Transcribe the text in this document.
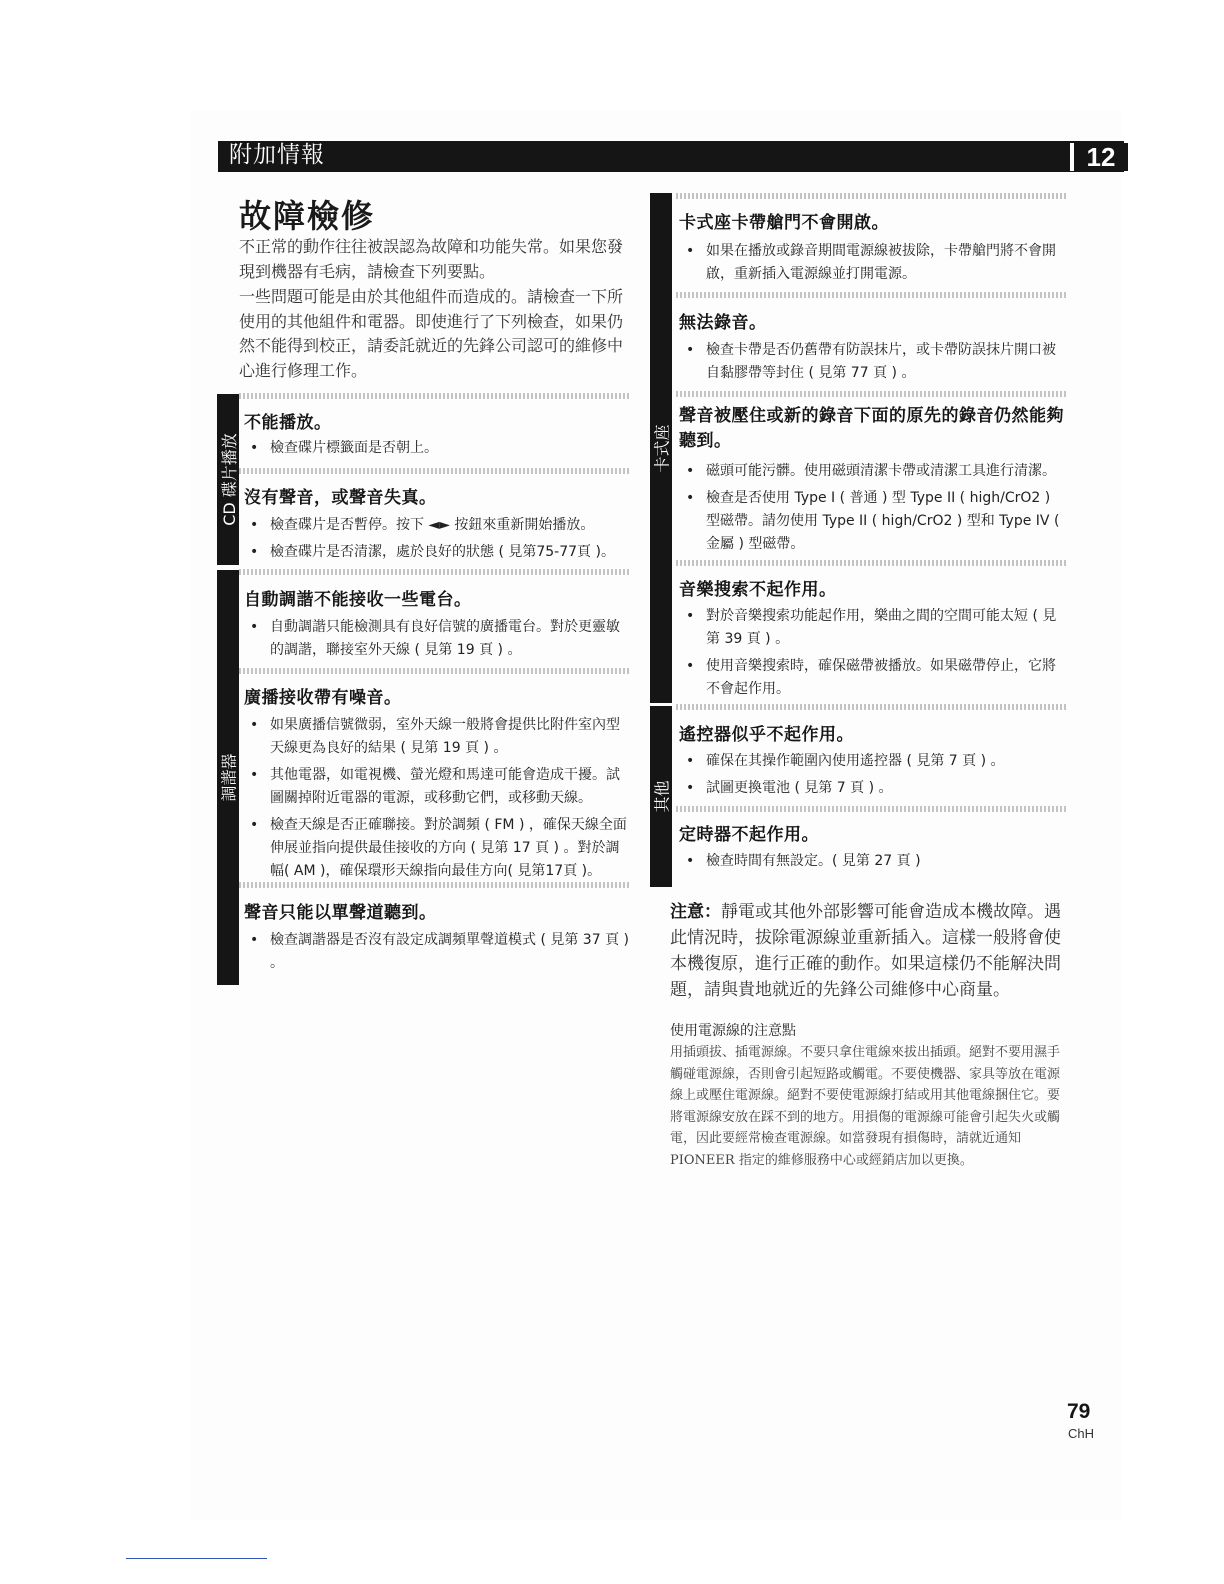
附加情報	12
故障檢修

不正常的動作往往被誤認為故障和功能失常。如果您發現到機器有毛病，請檢查下列要點。

一些問題可能是由於其他組件而造成的。請檢查一下所使用的其他組件和電器。即使進行了下列檢查，如果仍然不能得到校正，請委託就近的先鋒公司認可的維修中心進行修理工作。

CD 碟片播放
不能播放。
• 檢查碟片標籤面是否朝上。
沒有聲音，或聲音失真。
• 檢查碟片是否暫停。按下 ◄► 按鈕來重新開始播放。
• 檢查碟片是否清潔，處於良好的狀態 ( 見第75-77頁 )。
調諧器
自動調諧不能接收一些電台。
• 自動調諧只能檢測具有良好信號的廣播電台。對於更靈敏的調諧，聯接室外天線 ( 見第 19 頁 ) 。
廣播接收帶有噪音。
• 如果廣播信號微弱，室外天線一般將會提供比附件室內型天線更為良好的結果 ( 見第 19 頁 ) 。
• 其他電器，如電視機、螢光燈和馬達可能會造成干擾。試圖關掉附近電器的電源，或移動它們，或移動天線。
• 檢查天線是否正確聯接。對於調頻 ( FM ) ，確保天線全面伸展並指向提供最佳接收的方向 ( 見第 17 頁 ) 。對於調幅( AM )，確保環形天線指向最佳方向( 見第17頁 )。
聲音只能以單聲道聽到。
• 檢查調諧器是否沒有設定成調頻單聲道模式 ( 見第 37 頁 ) 。
卡式座
卡式座卡帶艙門不會開啟。
• 如果在播放或錄音期間電源線被拔除，卡帶艙門將不會開啟，重新插入電源線並打開電源。
無法錄音。
• 檢查卡帶是否仍舊帶有防誤抹片，或卡帶防誤抹片開口被自黏膠帶等封住 ( 見第 77 頁 ) 。
聲音被壓住或新的錄音下面的原先的錄音仍然能夠聽到。
• 磁頭可能污髒。使用磁頭清潔卡帶或清潔工具進行清潔。
• 檢查是否使用 Type I ( 普通 ) 型 Type II ( high/CrO2 ) 型磁帶。請勿使用 Type II ( high/CrO2 ) 型和 Type IV ( 金屬 ) 型磁帶。
音樂搜索不起作用。
• 對於音樂搜索功能起作用，樂曲之間的空間可能太短 ( 見第 39 頁 ) 。
• 使用音樂搜索時，確保磁帶被播放。如果磁帶停止，它將不會起作用。
其他
遙控器似乎不起作用。
• 確保在其操作範圍內使用遙控器 ( 見第 7 頁 ) 。
• 試圖更換電池 ( 見第 7 頁 ) 。
定時器不起作用。
• 檢查時間有無設定。( 見第 27 頁 )

注意：靜電或其他外部影響可能會造成本機故障。遇此情況時，拔除電源線並重新插入。這樣一般將會使本機復原，進行正確的動作。如果這樣仍不能解決問題，請與貴地就近的先鋒公司維修中心商量。

使用電源線的注意點

用插頭拔、插電源線。不要只拿住電線來拔出插頭。絕對不要用濕手觸碰電源線，否則會引起短路或觸電。不要使機器、家具等放在電源線上或壓住電源線。絕對不要使電源線打結或用其他電線捆住它。要將電源線安放在踩不到的地方。用損傷的電源線可能會引起失火或觸電，因此要經常檢查電源線。如當發現有損傷時，請就近通知 PIONEER 指定的維修服務中心或經銷店加以更換。

79
ChH
